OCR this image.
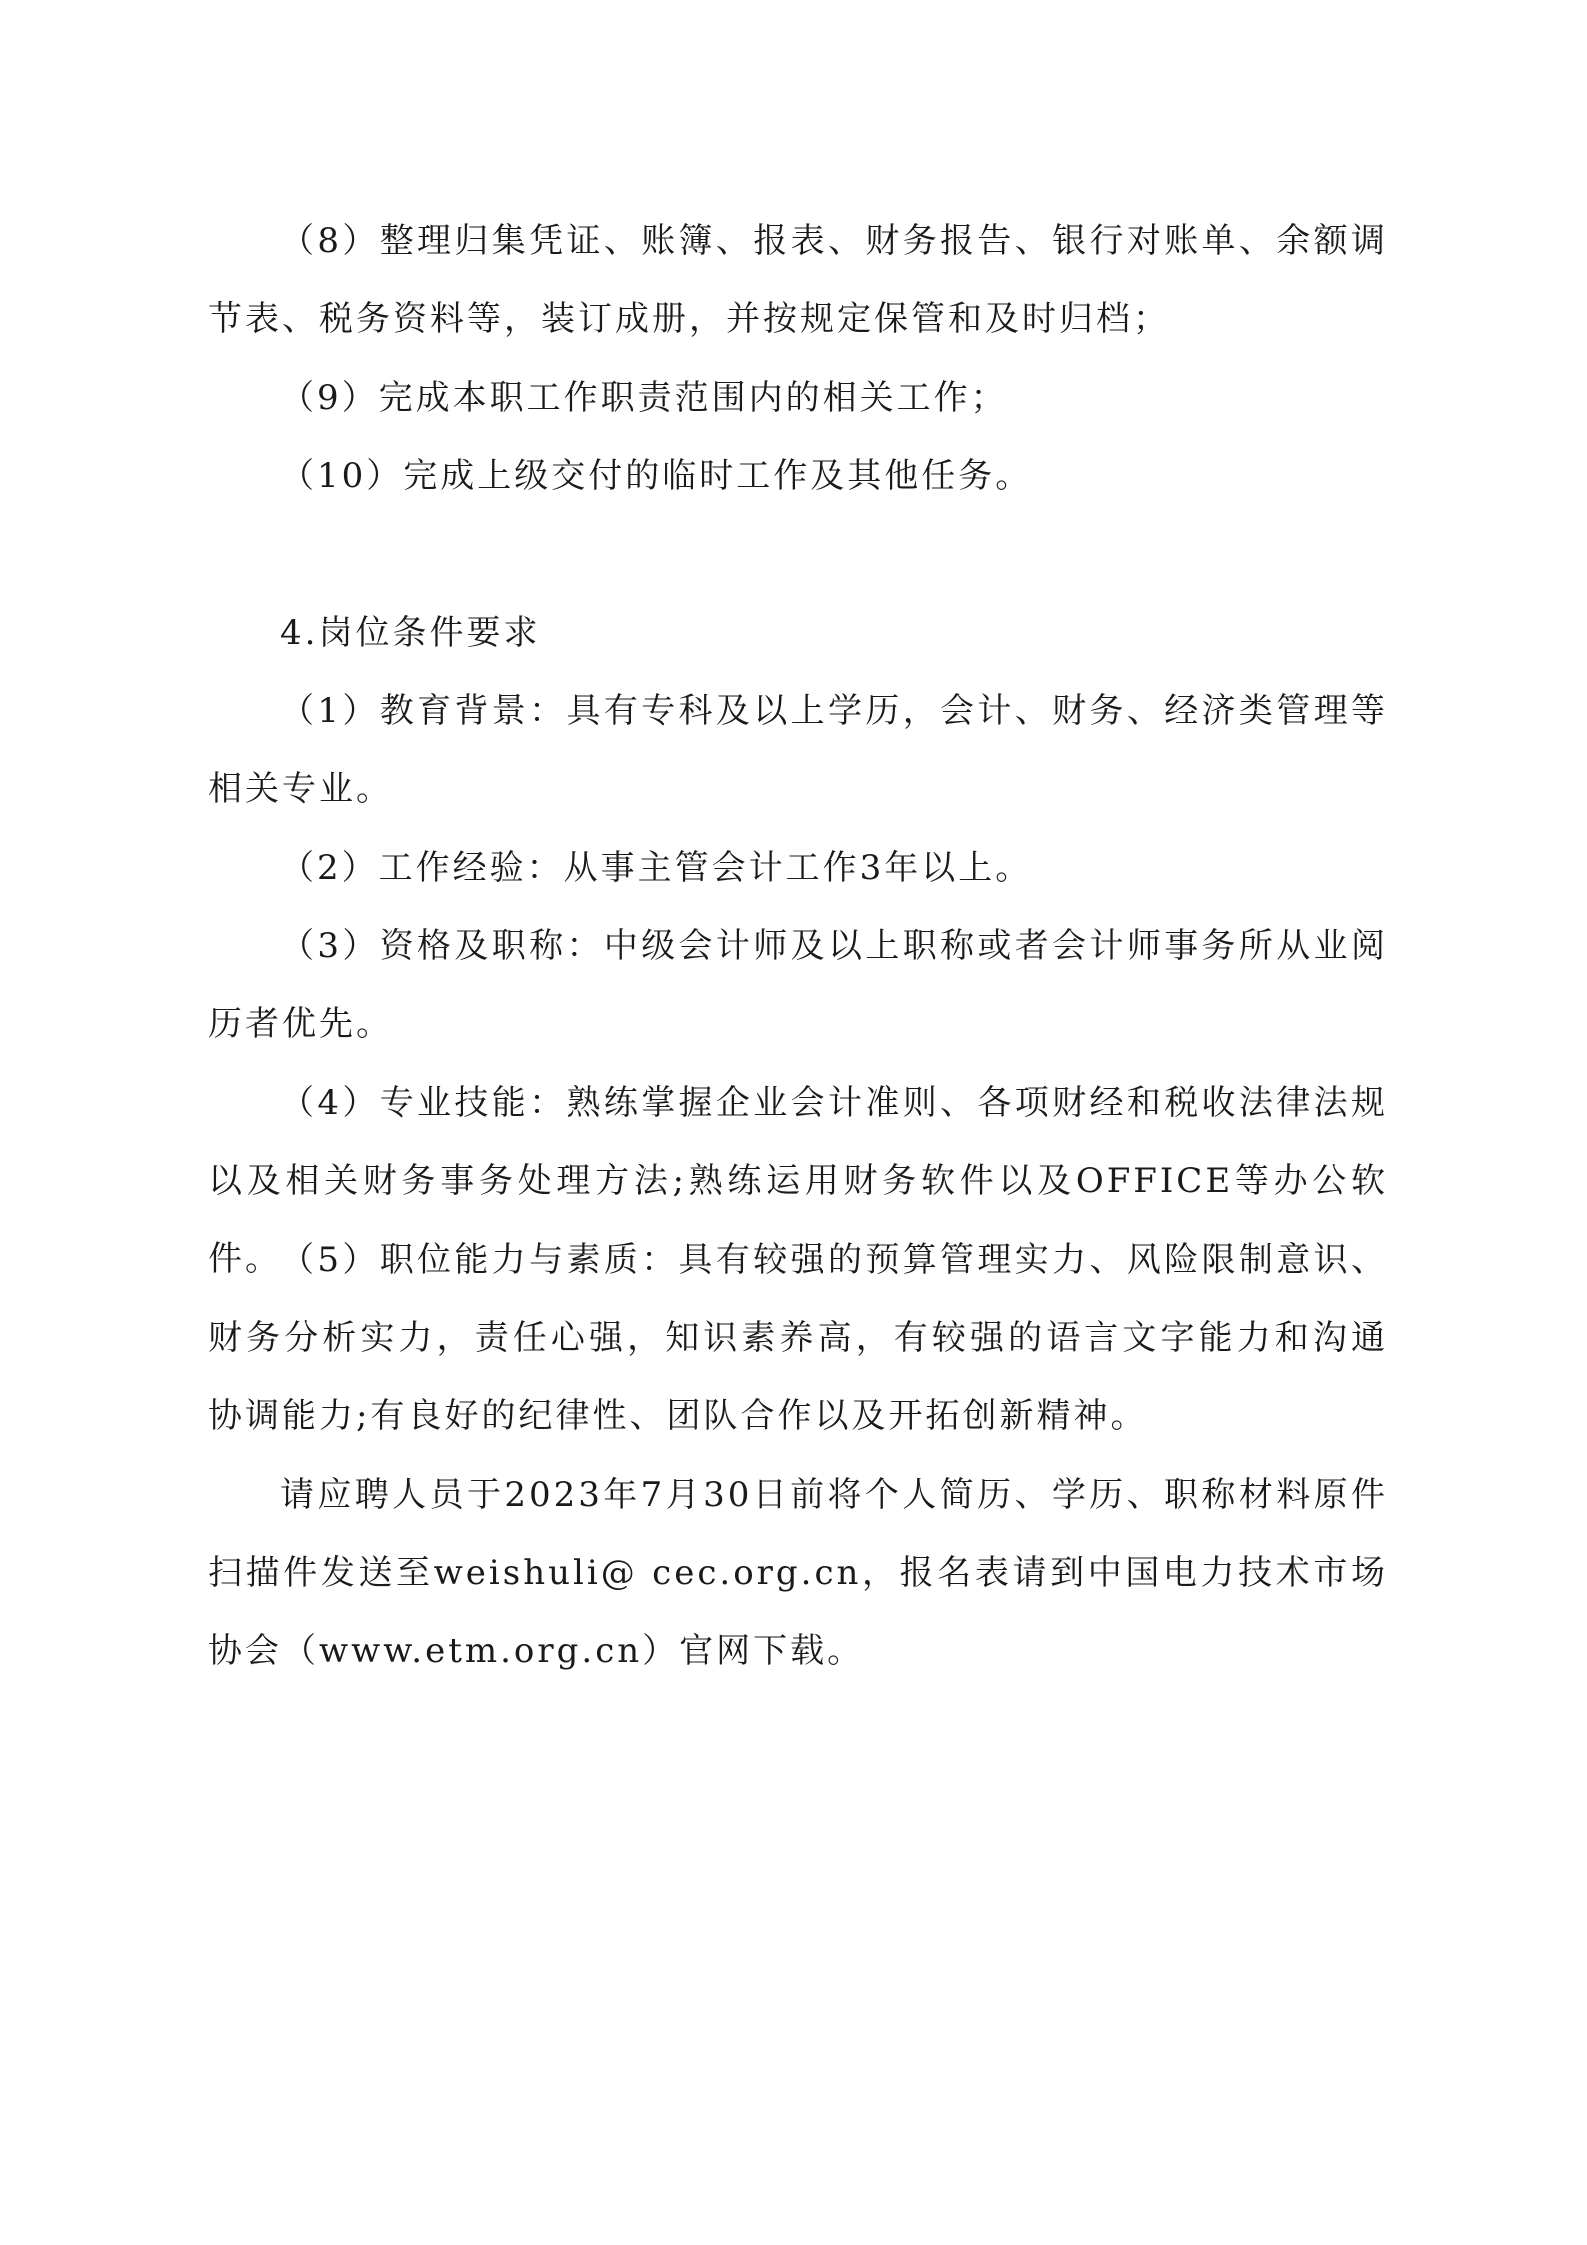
（8）整理归集凭证、账簿、报表、财务报告、银行对账单、余额调节表、税务资料等，装订成册，并按规定保管和及时归档；

（9）完成本职工作职责范围内的相关工作；

（10）完成上级交付的临时工作及其他任务。

4.岗位条件要求

（1）教育背景：具有专科及以上学历，会计、财务、经济类管理等相关专业。

（2）工作经验：从事主管会计工作3年以上。

（3）资格及职称：中级会计师及以上职称或者会计师事务所从业阅历者优先。

（4）专业技能：熟练掌握企业会计准则、各项财经和税收法律法规以及相关财务事务处理方法;熟练运用财务软件以及OFFICE等办公软件。

（5）职位能力与素质：具有较强的预算管理实力、风险限制意识、财务分析实力，责任心强，知识素养高，有较强的语言文字能力和沟通协调能力;有良好的纪律性、团队合作以及开拓创新精神。

请应聘人员于2023年7月30日前将个人简历、学历、职称材料原件扫描件发送至weishuli@ cec.org.cn，报名表请到中国电力技术市场协会（www.etm.org.cn）官网下载。
